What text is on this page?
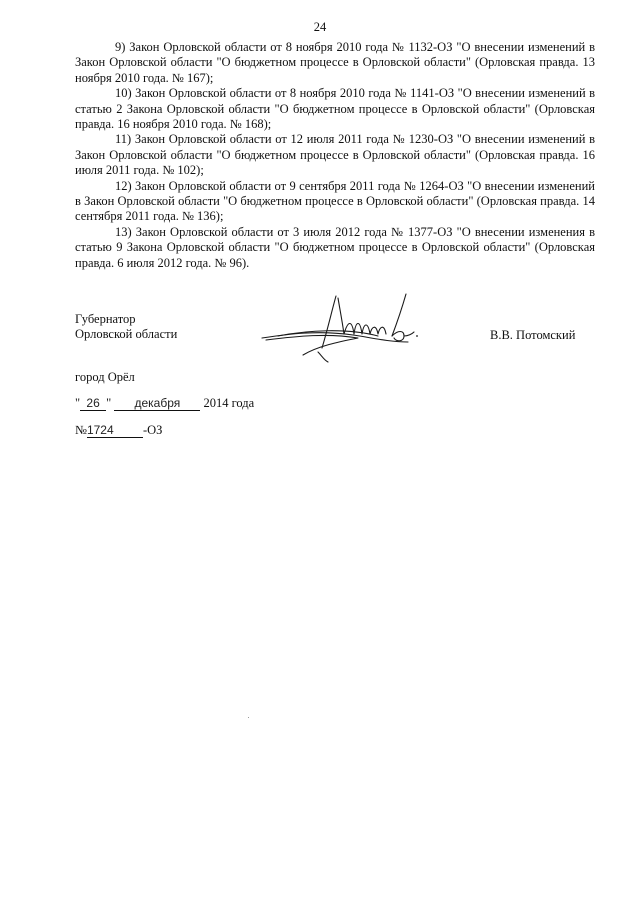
24

9) Закон Орловской области от 8 ноября 2010 года № 1132-ОЗ "О внесении изменений в Закон Орловской области "О бюджетном процессе в Орловской области" (Орловская правда. 13 ноября 2010 года. № 167);

10) Закон Орловской области от 8 ноября 2010 года № 1141-ОЗ "О внесении изменений в статью 2 Закона Орловской области "О бюджетном процессе в Орловской области" (Орловская правда. 16 ноября 2010 года. № 168);

11) Закон Орловской области от 12 июля 2011 года № 1230-ОЗ "О внесении изменений в Закон Орловской области "О бюджетном процессе в Орловской области" (Орловская правда. 16 июля 2011 года. № 102);

12) Закон Орловской области от 9 сентября 2011 года № 1264-ОЗ "О внесении изменений в Закон Орловской области "О бюджетном процессе в Орловской области" (Орловская правда. 14 сентября 2011 года. № 136);

13) Закон Орловской области от 3 июля 2012 года № 1377-ОЗ "О внесении изменения в статью 9 Закона Орловской области "О бюджетном процессе в Орловской области" (Орловская правда. 6 июля 2012 года. № 96).

Губернатор
Орловской области	В.В. Потомский
город Орёл
" 26 " декабря 2014 года
№1724 -ОЗ
